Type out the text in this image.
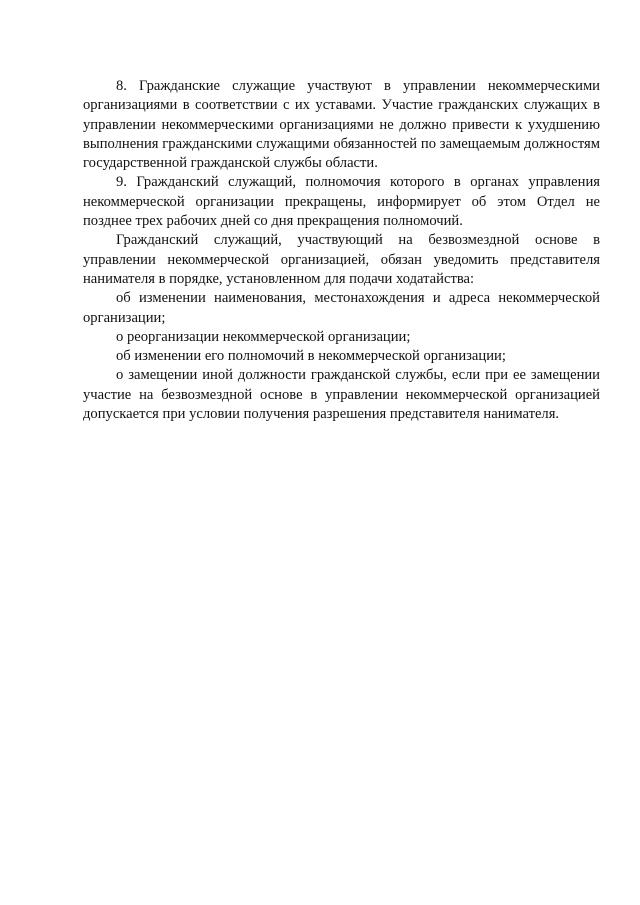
8. Гражданские служащие участвуют в управлении некоммерческими организациями в соответствии с их уставами. Участие гражданских служащих в управлении некоммерческими организациями не должно привести к ухудшению выполнения гражданскими служащими обязанностей по замещаемым должностям государственной гражданской службы области.

9. Гражданский служащий, полномочия которого в органах управления некоммерческой организации прекращены, информирует об этом Отдел не позднее трех рабочих дней со дня прекращения полномочий.

Гражданский служащий, участвующий на безвозмездной основе в управлении некоммерческой организацией, обязан уведомить представителя нанимателя в порядке, установленном для подачи ходатайства:

об изменении наименования, местонахождения и адреса некоммерческой организации;

о реорганизации некоммерческой организации;

об изменении его полномочий в некоммерческой организации;

о замещении иной должности гражданской службы, если при ее замещении участие на безвозмездной основе в управлении некоммерческой организацией допускается при условии получения разрешения представителя нанимателя.
